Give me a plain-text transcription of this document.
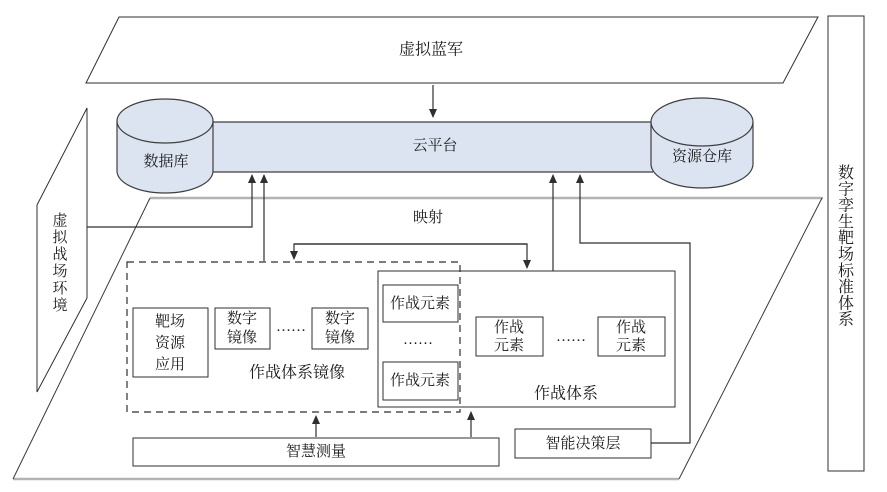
虚拟蓝军
数字孪生靶场标准体系
虚拟战场环境
数据库	资源仓库
云平台
映射
靶场资源应用
数字镜像
…… 数字镜像
作战体系镜像
作战元素
……
作战元素
作战元素
……
作战元素
作战体系
智慧测量	智能决策层
